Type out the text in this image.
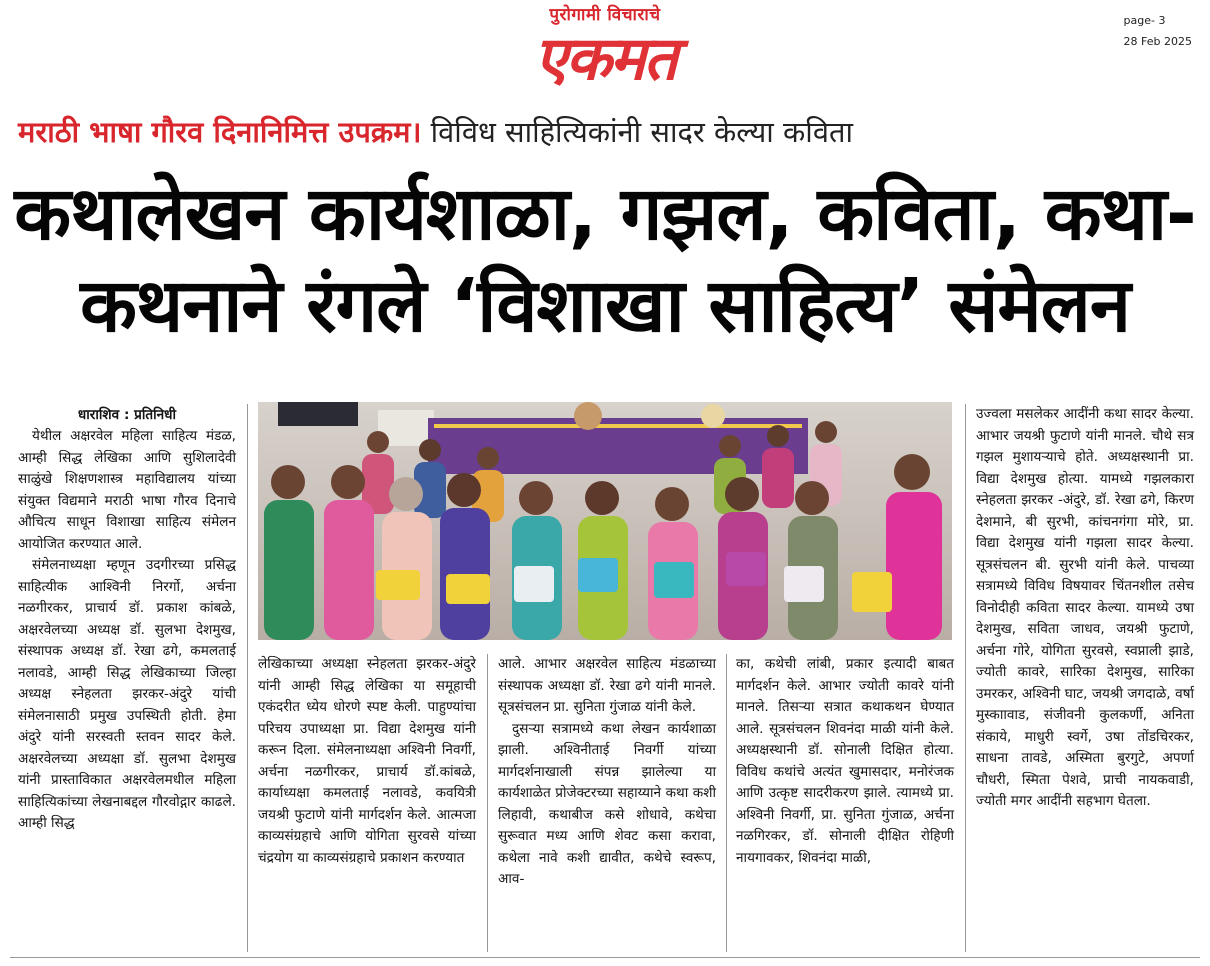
पुरोगामी विचाराचे
एकमत
page- 3
28 Feb 2025
मराठी भाषा गौरव दिनानिमित्त उपक्रम। विविध साहित्यिकांनी सादर केल्या कविता
कथालेखन कार्यशाळा, गझल, कविता, कथा-
कथनाने रंगले ‘विशाखा साहित्य’ संमेलन
धाराशिव : प्रतिनिधी

येथील अक्षरवेल महिला साहित्य मंडळ, आम्ही सिद्ध लेखिका आणि सुशिलादेवी साळुंखे शिक्षणशास्त्र महाविद्यालय यांच्या संयुक्त विद्यमाने मराठी भाषा गौरव दिनाचे औचित्य साधून विशाखा साहित्य संमेलन आयोजित करण्यात आले.

संमेलनाध्यक्षा म्हणून उदगीरच्या प्रसिद्ध साहित्यीक आश्विनी निरर्गो, अर्चना नळगीरकर, प्राचार्य डॉ. प्रकाश कांबळे, अक्षरवेलच्या अध्यक्ष डॉ. सुलभा देशमुख, संस्थापक अध्यक्ष डॉ. रेखा ढगे, कमलताई नलावडे, आम्ही सिद्ध लेखिकाच्या जिल्हा अध्यक्ष स्नेहलता झरकर-अंदुरे यांची संमेलनासाठी प्रमुख उपस्थिती होती. हेमा अंदुरे यांनी सरस्वती स्तवन सादर केले. अक्षरवेलच्या अध्यक्षा डॉ. सुलभा देशमुख यांनी प्रास्ताविकात अक्षरवेलमधील महिला साहित्यिकांच्या लेखनाबद्दल गौरवोद्गार काढले. आम्ही सिद्ध

लेखिकाच्या अध्यक्षा स्नेहलता झरकर-अंदुरे यांनी आम्ही सिद्ध लेखिका या समूहाची एकंदरीत ध्येय धोरणे स्पष्ट केली. पाहुण्यांचा परिचय उपाध्यक्षा प्रा. विद्या देशमुख यांनी करून दिला. संमेलनाध्यक्षा अश्विनी निवर्गी, अर्चना नळगीरकर, प्राचार्य डॉ.कांबळे, कार्याध्यक्षा कमलताई नलावडे, कवयित्री जयश्री फुटाणे यांनी मार्गदर्शन केले. आत्मजा काव्यसंग्रहाचे आणि योगिता सुरवसे यांच्या चंद्रयोग या काव्यसंग्रहाचे प्रकाशन करण्यात

आले. आभार अक्षरवेल साहित्य मंडळाच्या संस्थापक अध्यक्षा डॉ. रेखा ढगे यांनी मानले. सूत्रसंचलन प्रा. सुनिता गुंजाळ यांनी केले.

दुसऱ्या सत्रामध्ये कथा लेखन कार्यशाळा झाली. अश्विनीताई निवर्गी यांच्या मार्गदर्शनाखाली संपन्न झालेल्या या कार्यशाळेत प्रोजेक्टरच्या सहाय्याने कथा कशी लिहावी, कथाबीज कसे शोधावे, कथेचा सुरूवात मध्य आणि शेवट कसा करावा, कथेला नावे कशी द्यावीत, कथेचे स्वरूप, आव-

का, कथेची लांबी, प्रकार इत्यादी बाबत मार्गदर्शन केले. आभार ज्योती कावरे यांनी मानले. तिसऱ्या सत्रात कथाकथन घेण्यात आले. सूत्रसंचलन शिवनंदा माळी यांनी केले. अध्यक्षस्थानी डॉ. सोनाली दिक्षित होत्या. विविध कथांचे अत्यंत खुमासदार, मनोरंजक आणि उत्कृष्ट सादरीकरण झाले. त्यामध्ये प्रा. अश्विनी निवर्गी, प्रा. सुनिता गुंजाळ, अर्चना नळगिरकर, डॉ. सोनाली दीक्षित रोहिणी नायगावकर, शिवनंदा माळी,

उज्वला मसलेकर आदींनी कथा सादर केल्या. आभार जयश्री फुटाणे यांनी मानले. चौथे सत्र गझल मुशायऱ्याचे होते. अध्यक्षस्थानी प्रा. विद्या देशमुख होत्या. यामध्ये गझलकारा स्नेहलता झरकर -अंदुरे, डॉ. रेखा ढगे, किरण देशमाने, बी सुरभी, कांचनगंगा मोरे, प्रा. विद्या देशमुख यांनी गझला सादर केल्या. सूत्रसंचलन बी. सुरभी यांनी केले. पाचव्या सत्रामध्ये विविध विषयावर चिंतनशील तसेच विनोदीही कविता सादर केल्या. यामध्ये उषा देशमुख, सविता जाधव, जयश्री फुटाणे, अर्चना गोरे, योगिता सुरवसे, स्वप्नाली झाडे, ज्योती कावरे, सारिका देशमुख, सारिका उमरकर, अश्विनी घाट, जयश्री जगदाळे, वर्षा मुस्काावाड, संजीवनी कुलकर्णी, अनिता संकाये, माधुरी स्वर्गे, उषा तोंडचिरकर, साधना तावडे, अस्मिता बुरगुटे, अपर्णा चौधरी, स्मिता पेशवे, प्राची नायकवाडी, ज्योती मगर आदींनी सहभाग घेतला.
